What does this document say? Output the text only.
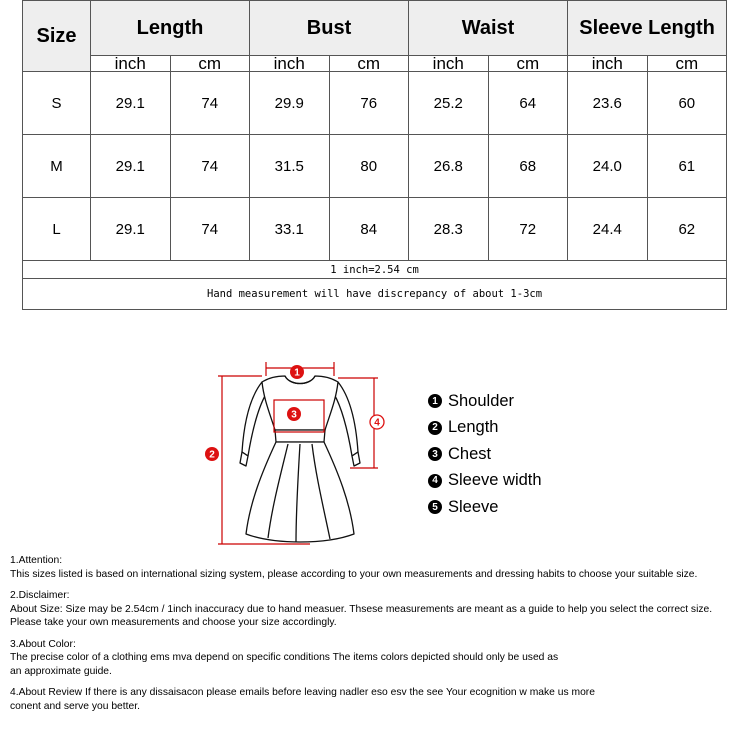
Size	Length		Bust		Waist		Sleeve Length	
	inch	cm	inch	cm	inch	cm	inch	cm
S	29.1	74	29.9	76	25.2	64	23.6	60
M	29.1	74	31.5	80	26.8	68	24.0	61
L	29.1	74	33.1	84	28.3	72	24.4	62
1 inch=2.54 cm								
Hand measurement will have discrepancy of about 1-3cm								
1
2
3
4
1 Shoulder
2 Length
3 Chest
4 Sleeve width
5 Sleeve

1.Attention:

This sizes listed is based on international sizing system, please according to your own measurements and dressing habits to choose your suitable size.

2.Disclaimer:

About Size: Size may be 2.54cm / 1inch inaccuracy due to hand measuer. Thsese measurements are meant as a guide to help you select the correct size.

Please take your own measurements and choose your size accordingly.

3.About Color:

The precise color of a clothing ems mva depend on specific conditions The items colors depicted should only be used as

an approximate guide.

4.About Review If there is any dissaisacon please emails before leaving nadler eso esv the see Your ecognition w make us more

conent and serve you better.
